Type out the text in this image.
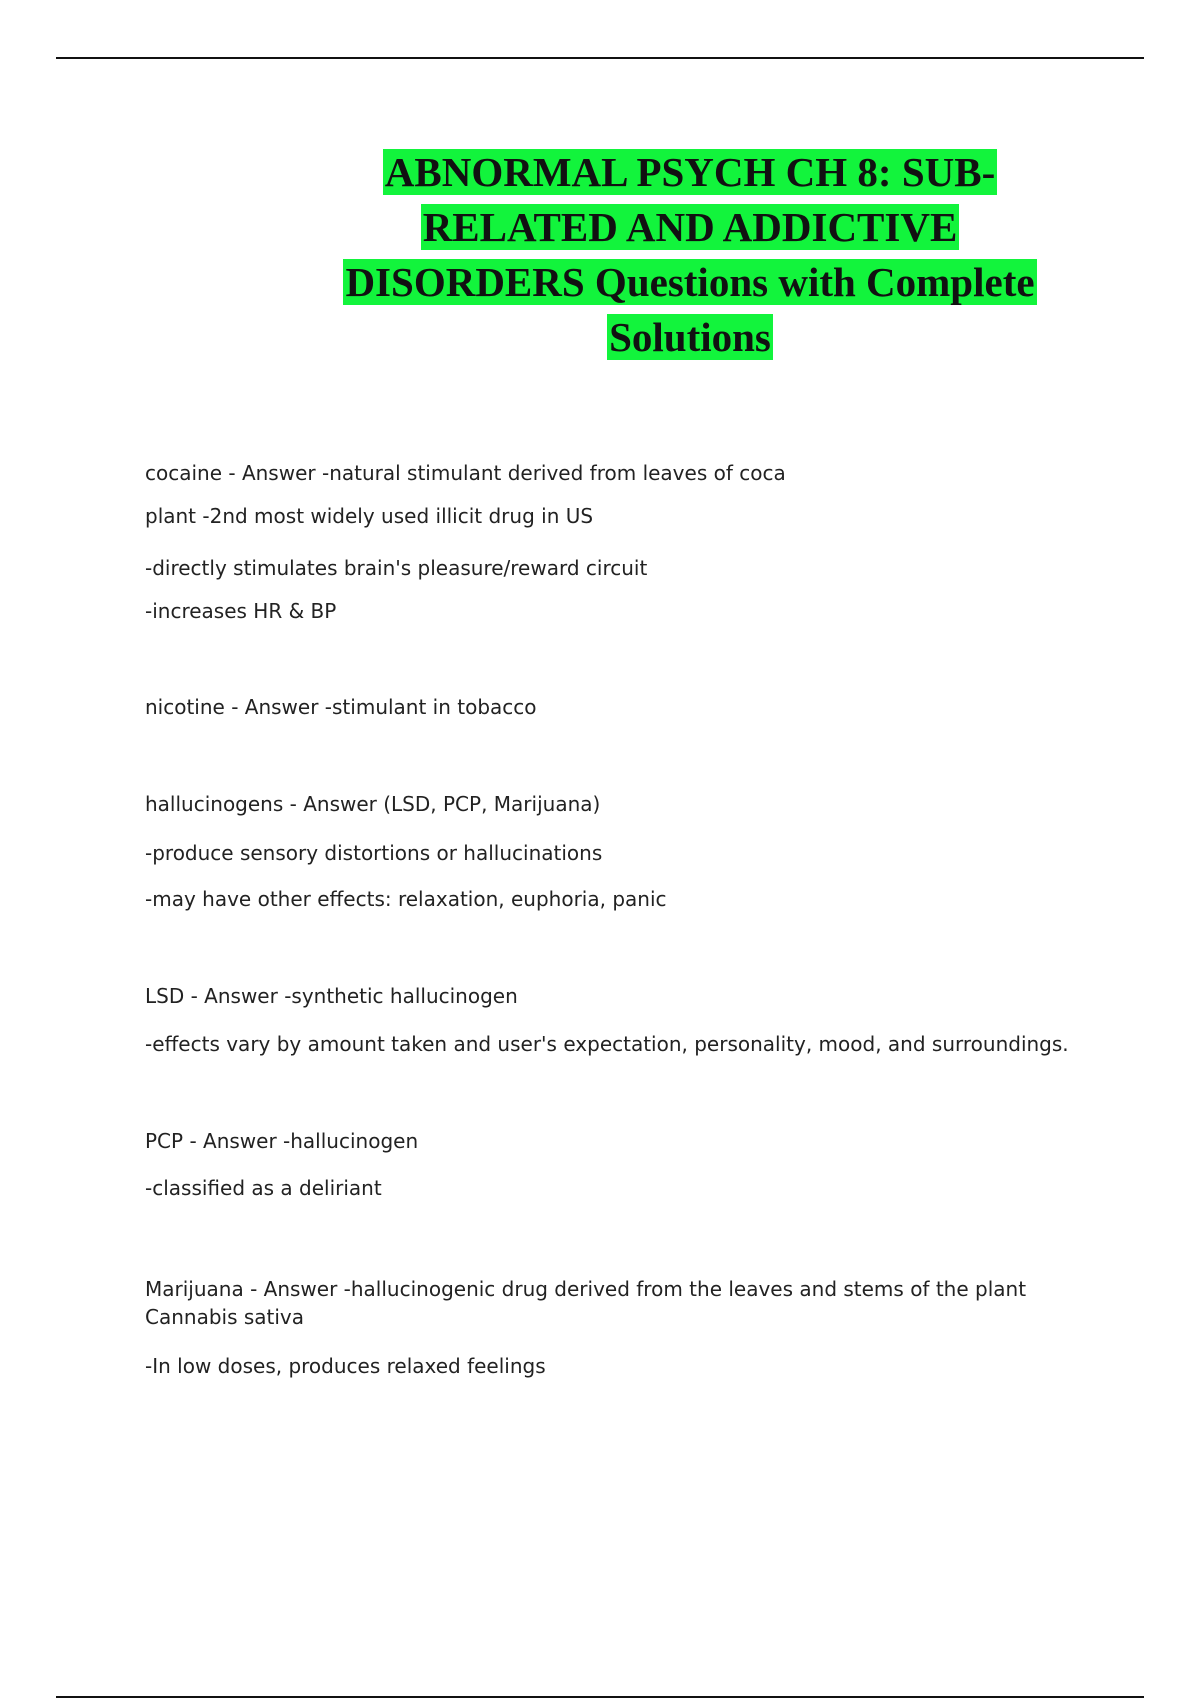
ABNORMAL PSYCH CH 8: SUB-
RELATED AND ADDICTIVE
DISORDERS Questions with Complete
Solutions

cocaine - Answer -natural stimulant derived from leaves of coca

plant -2nd most widely used illicit drug in US

-directly stimulates brain's pleasure/reward circuit

-increases HR & BP

nicotine - Answer -stimulant in tobacco

hallucinogens - Answer (LSD, PCP, Marijuana)

-produce sensory distortions or hallucinations

-may have other effects: relaxation, euphoria, panic

LSD - Answer -synthetic hallucinogen

-effects vary by amount taken and user's expectation, personality, mood, and surroundings.

PCP - Answer -hallucinogen

-classified as a deliriant

Marijuana - Answer -hallucinogenic drug derived from the leaves and stems of the plant

Cannabis sativa

-In low doses, produces relaxed feelings
